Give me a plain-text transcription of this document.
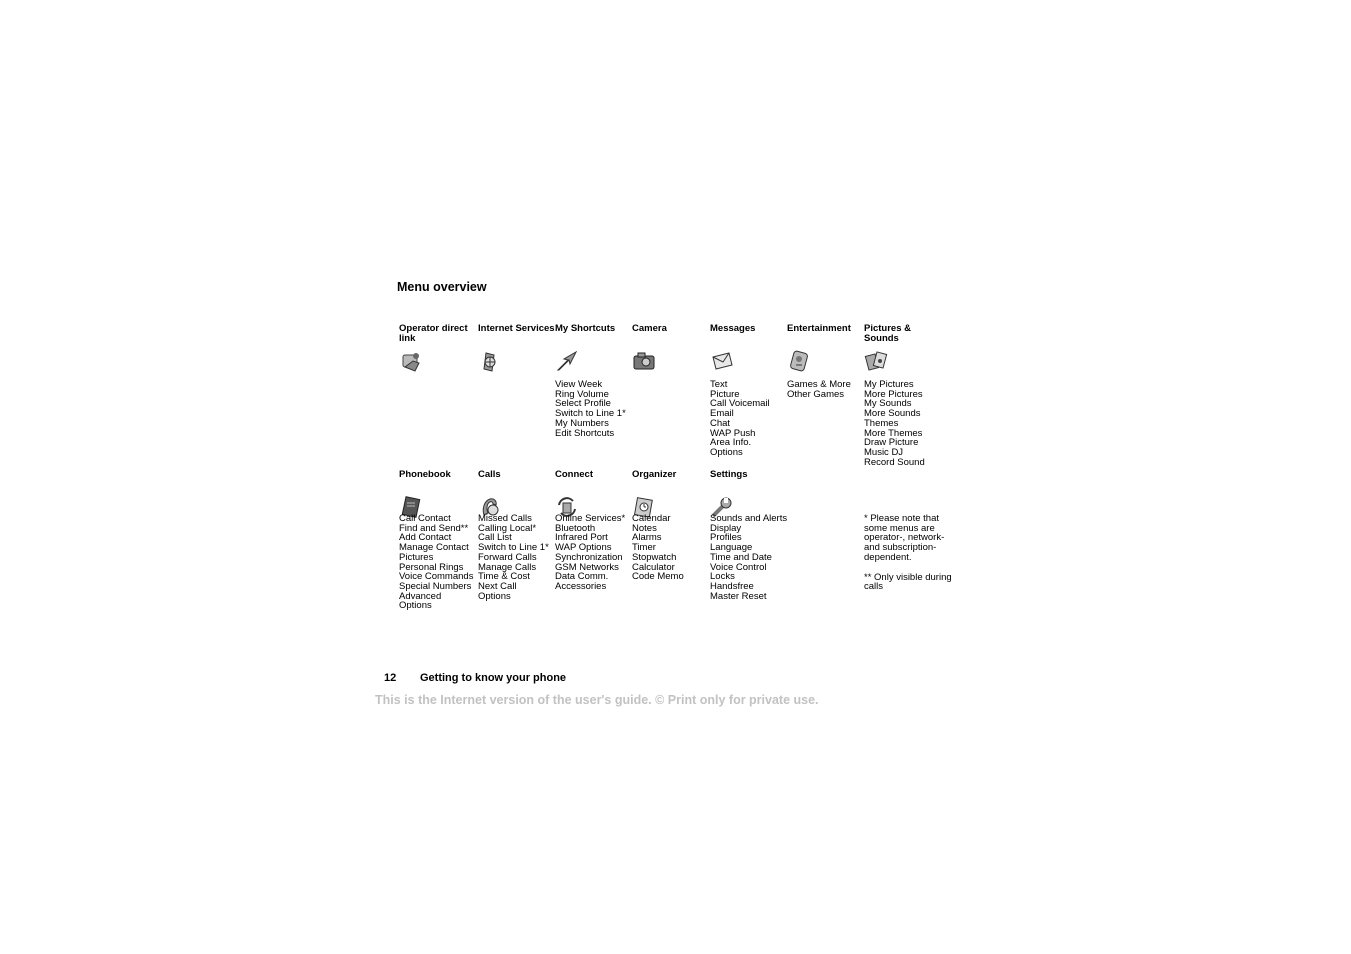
Menu overview
Operator direct link
Internet Services My Shortcuts
View Week
Ring Volume
Select Profile
Switch to Line 1*
My Numbers
Edit Shortcuts
Camera	Messages
Text
Picture
Call Voicemail
Email
Chat
WAP Push
Area Info.
Options
Entertainment
Games & More
Other Games
Pictures & Sounds
My Pictures
More Pictures
My Sounds
More Sounds
Themes
More Themes
Draw Picture
Music DJ
Record Sound
Phonebook
Call Contact
Find and Send**
Add Contact
Manage Contact
Pictures
Personal Rings
Voice Commands
Special Numbers
Advanced
Options
Calls
Missed Calls
Calling Local*
Call List
Switch to Line 1*
Forward Calls
Manage Calls
Time & Cost
Next Call
Options
Connect
Online Services*
Bluetooth
Infrared Port
WAP Options
Synchronization
GSM Networks
Data Comm.
Accessories
Organizer
Calendar
Notes
Alarms
Timer
Stopwatch
Calculator
Code Memo
Settings
Sounds and Alerts
Display
Profiles
Language
Time and Date
Voice Control
Locks
Handsfree
Master Reset
* Please note that some menus are operator-, network- and subscription-dependent.
** Only visible during calls
12 Getting to know your phone
This is the Internet version of the user's guide. © Print only for private use.
